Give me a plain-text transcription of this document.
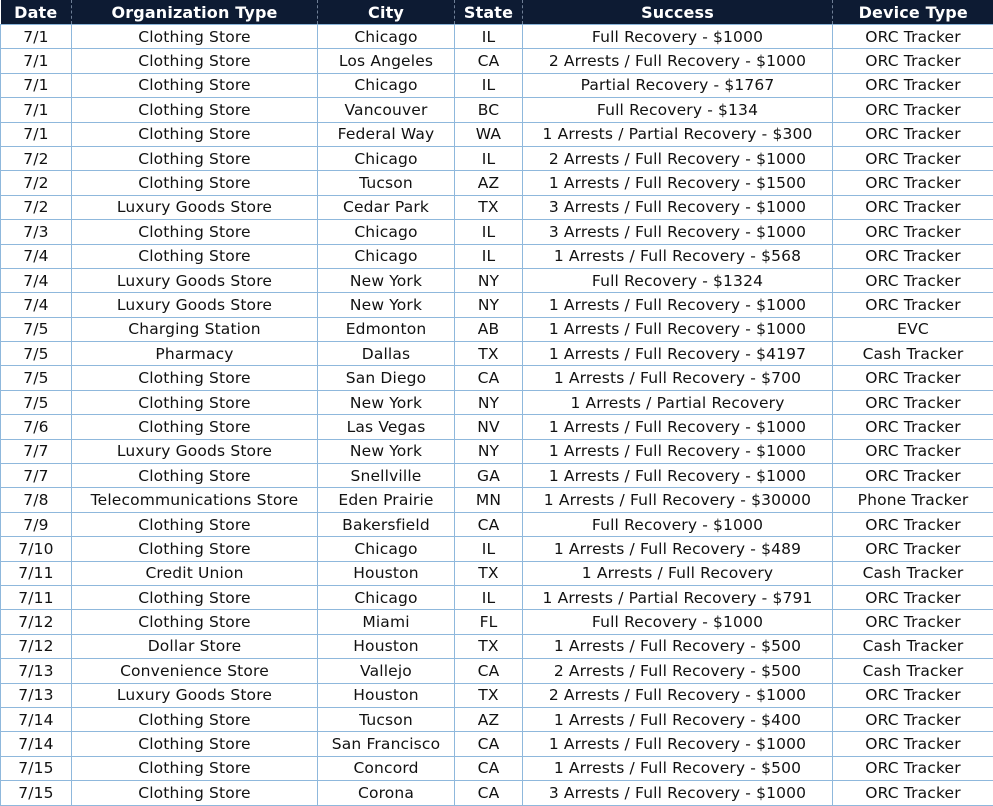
Date	Organization Type	City	State	Success	Device Type
7/1	Clothing Store	Chicago	IL	Full Recovery - $1000	ORC Tracker
7/1	Clothing Store	Los Angeles	CA	2 Arrests / Full Recovery - $1000	ORC Tracker
7/1	Clothing Store	Chicago	IL	Partial Recovery - $1767	ORC Tracker
7/1	Clothing Store	Vancouver	BC	Full Recovery - $134	ORC Tracker
7/1	Clothing Store	Federal Way	WA	1 Arrests / Partial Recovery - $300	ORC Tracker
7/2	Clothing Store	Chicago	IL	2 Arrests / Full Recovery - $1000	ORC Tracker
7/2	Clothing Store	Tucson	AZ	1 Arrests / Full Recovery - $1500	ORC Tracker
7/2	Luxury Goods Store	Cedar Park	TX	3 Arrests / Full Recovery - $1000	ORC Tracker
7/3	Clothing Store	Chicago	IL	3 Arrests / Full Recovery - $1000	ORC Tracker
7/4	Clothing Store	Chicago	IL	1 Arrests / Full Recovery - $568	ORC Tracker
7/4	Luxury Goods Store	New York	NY	Full Recovery - $1324	ORC Tracker
7/4	Luxury Goods Store	New York	NY	1 Arrests / Full Recovery - $1000	ORC Tracker
7/5	Charging Station	Edmonton	AB	1 Arrests / Full Recovery - $1000	EVC
7/5	Pharmacy	Dallas	TX	1 Arrests / Full Recovery - $4197	Cash Tracker
7/5	Clothing Store	San Diego	CA	1 Arrests / Full Recovery - $700	ORC Tracker
7/5	Clothing Store	New York	NY	1 Arrests / Partial Recovery	ORC Tracker
7/6	Clothing Store	Las Vegas	NV	1 Arrests / Full Recovery - $1000	ORC Tracker
7/7	Luxury Goods Store	New York	NY	1 Arrests / Full Recovery - $1000	ORC Tracker
7/7	Clothing Store	Snellville	GA	1 Arrests / Full Recovery - $1000	ORC Tracker
7/8	Telecommunications Store	Eden Prairie	MN	1 Arrests / Full Recovery - $30000	Phone Tracker
7/9	Clothing Store	Bakersfield	CA	Full Recovery - $1000	ORC Tracker
7/10	Clothing Store	Chicago	IL	1 Arrests / Full Recovery - $489	ORC Tracker
7/11	Credit Union	Houston	TX	1 Arrests / Full Recovery	Cash Tracker
7/11	Clothing Store	Chicago	IL	1 Arrests / Partial Recovery - $791	ORC Tracker
7/12	Clothing Store	Miami	FL	Full Recovery - $1000	ORC Tracker
7/12	Dollar Store	Houston	TX	1 Arrests / Full Recovery - $500	Cash Tracker
7/13	Convenience Store	Vallejo	CA	2 Arrests / Full Recovery - $500	Cash Tracker
7/13	Luxury Goods Store	Houston	TX	2 Arrests / Full Recovery - $1000	ORC Tracker
7/14	Clothing Store	Tucson	AZ	1 Arrests / Full Recovery - $400	ORC Tracker
7/14	Clothing Store	San Francisco	CA	1 Arrests / Full Recovery - $1000	ORC Tracker
7/15	Clothing Store	Concord	CA	1 Arrests / Full Recovery - $500	ORC Tracker
7/15	Clothing Store	Corona	CA	3 Arrests / Full Recovery - $1000	ORC Tracker
